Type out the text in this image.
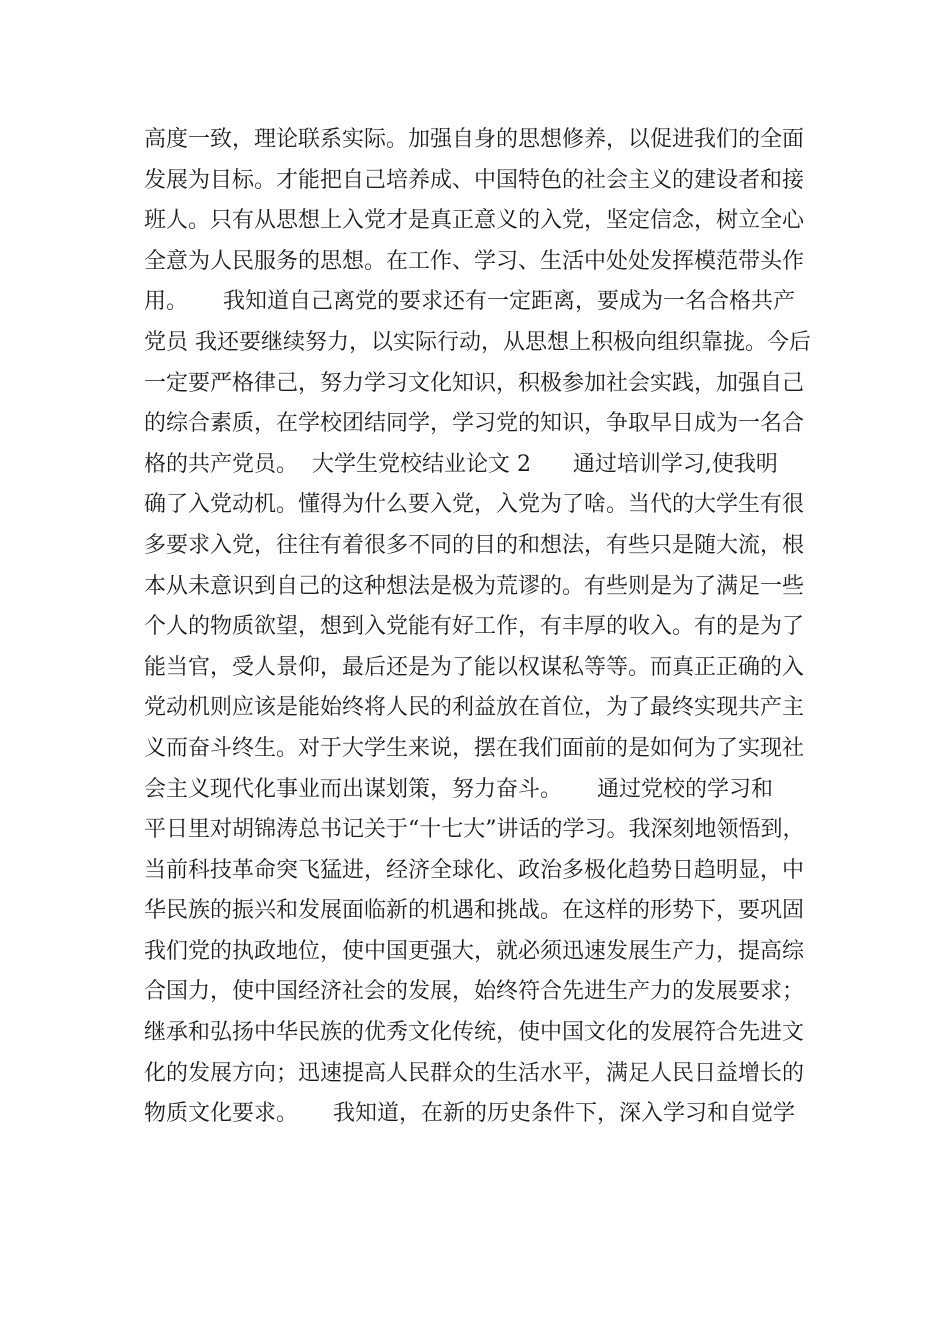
高度一致，理论联系实际。加强自身的思想修养，以促进我们的全面
发展为目标。才能把自己培养成、中国特色的社会主义的建设者和接
班人。只有从思想上入党才是真正意义的入党，坚定信念，树立全心
全意为人民服务的思想。在工作、学习、生活中处处发挥模范带头作
用。     我知道自己离党的要求还有一定距离，要成为一名合格共产
党员 我还要继续努力，以实际行动，从思想上积极向组织靠拢。今后
一定要严格律己，努力学习文化知识，积极参加社会实践，加强自己
的综合素质，在学校团结同学，学习党的知识，争取早日成为一名合
格的共产党员。  大学生党校结业论文 2      通过培训学习,使我明
确了入党动机。懂得为什么要入党，入党为了啥。当代的大学生有很
多要求入党，往往有着很多不同的目的和想法，有些只是随大流，根
本从未意识到自己的这种想法是极为荒谬的。有些则是为了满足一些
个人的物质欲望，想到入党能有好工作，有丰厚的收入。有的是为了
能当官，受人景仰，最后还是为了能以权谋私等等。而真正正确的入
党动机则应该是能始终将人民的利益放在首位，为了最终实现共产主
义而奋斗终生。对于大学生来说，摆在我们面前的是如何为了实现社
会主义现代化事业而出谋划策，努力奋斗。     通过党校的学习和
平日里对胡锦涛总书记关于“十七大”讲话的学习。我深刻地领悟到，
当前科技革命突飞猛进，经济全球化、政治多极化趋势日趋明显，中
华民族的振兴和发展面临新的机遇和挑战。在这样的形势下，要巩固
我们党的执政地位，使中国更强大，就必须迅速发展生产力，提高综
合国力，使中国经济社会的发展，始终符合先进生产力的发展要求；
继承和弘扬中华民族的优秀文化传统，使中国文化的发展符合先进文
化的发展方向；迅速提高人民群众的生活水平，满足人民日益增长的
物质文化要求。     我知道，在新的历史条件下，深入学习和自觉学
